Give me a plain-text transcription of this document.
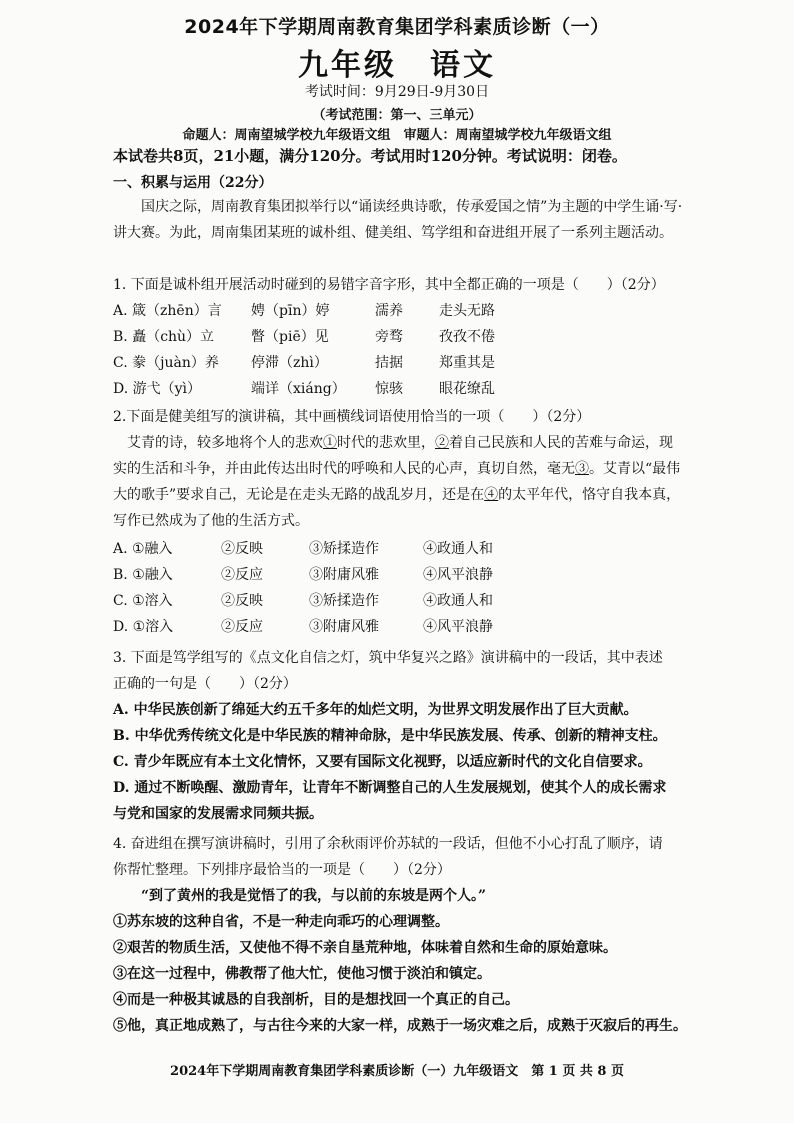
2024年下学期周南教育集团学科素质诊断（一）
九年级　语文
考试时间：9月29日-9月30日
（考试范围：第一、三单元）
命题人：周南望城学校九年级语文组　审题人：周南望城学校九年级语文组
本试卷共8页，21小题，满分120分。考试用时120分钟。考试说明：闭卷。
一、积累与运用（22分）
国庆之际，周南教育集团拟举行以“诵读经典诗歌，传承爱国之情”为主题的中学生诵·写·讲大赛。为此，周南集团某班的诚朴组、健美组、笃学组和奋进组开展了一系列主题活动。
1. 下面是诚朴组开展活动时碰到的易错字音字形，其中全都正确的一项是（　　）（2分）
A. 箴（zhēn）言 娉（pīn）婷	濡养	走头无路
B. 矗（chù）立	瞥（piē）见	旁骛	孜孜不倦
C. 豢（juàn）养 停滞（zhì）	拮据	郑重其是
D. 游弋（yì）	端详（xiáng） 惊骇	眼花缭乱
2.下面是健美组写的演讲稿，其中画横线词语使用恰当的一项（　　）（2分）
艾青的诗，较多地将个人的悲欢①时代的悲欢里，②着自己民族和人民的苦难与命运，现实的生活和斗争，并由此传达出时代的呼唤和人民的心声，真切自然，毫无③。艾青以“最伟大的歌手”要求自己，无论是在走头无路的战乱岁月，还是在④的太平年代，恪守自我本真，写作已然成为了他的生活方式。
A. ①融入	②反映	③矫揉造作	④政通人和
B. ①融入	②反应	③附庸风雅	④风平浪静
C. ①溶入	②反映	③矫揉造作	④政通人和
D. ①溶入	②反应	③附庸风雅	④风平浪静
3. 下面是笃学组写的《点文化自信之灯，筑中华复兴之路》演讲稿中的一段话，其中表述
正确的一句是（　　）（2分）
A. 中华民族创新了绵延大约五千多年的灿烂文明，为世界文明发展作出了巨大贡献。
B. 中华优秀传统文化是中华民族的精神命脉，是中华民族发展、传承、创新的精神支柱。
C. 青少年既应有本土文化情怀，又要有国际文化视野，以适应新时代的文化自信要求。
D. 通过不断唤醒、激励青年，让青年不断调整自己的人生发展规划，使其个人的成长需求
与党和国家的发展需求同频共振。
4. 奋进组在撰写演讲稿时，引用了余秋雨评价苏轼的一段话，但他不小心打乱了顺序，请
你帮忙整理。下列排序最恰当的一项是（　　）（2分）
“到了黄州的我是觉悟了的我，与以前的东坡是两个人。”
①苏东坡的这种自省，不是一种走向乖巧的心理调整。
②艰苦的物质生活，又使他不得不亲自垦荒种地，体味着自然和生命的原始意味。
③在这一过程中，佛教帮了他大忙，使他习惯于淡泊和镇定。
④而是一种极其诚恳的自我剖析，目的是想找回一个真正的自己。
⑤他，真正地成熟了，与古往今来的大家一样，成熟于一场灾难之后，成熟于灭寂后的再生。
2024年下学期周南教育集团学科素质诊断（一）九年级语文　第 1 页 共 8 页
